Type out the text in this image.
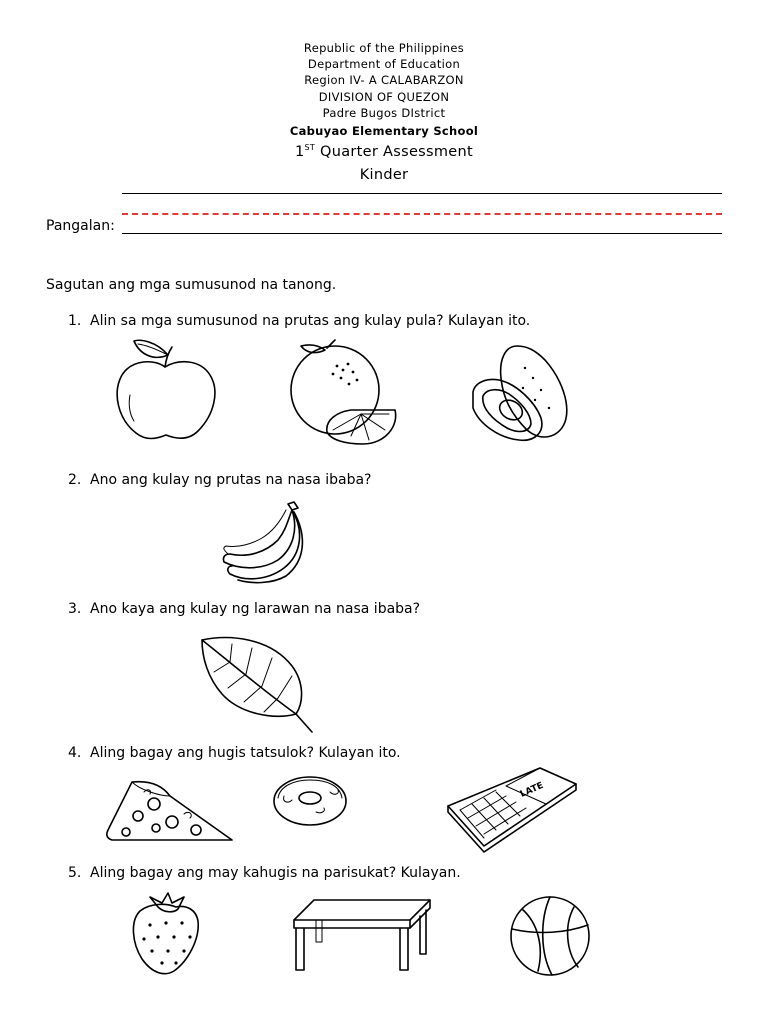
Republic of the Philippines
Department of Education
Region IV- A CALABARZON
DIVISION OF QUEZON
Padre Bugos DIstrict
Cabuyao Elementary School
1ST Quarter Assessment
Kinder
Pangalan:
Sagutan ang mga sumusunod na tanong.
1. Alin sa mga sumusunod na prutas ang kulay pula? Kulayan ito.
2. Ano ang kulay ng prutas na nasa ibaba?
3. Ano kaya ang kulay ng larawan na nasa ibaba?
4. Aling bagay ang hugis tatsulok? Kulayan ito.
LATE
5. Aling bagay ang may kahugis na parisukat? Kulayan.
